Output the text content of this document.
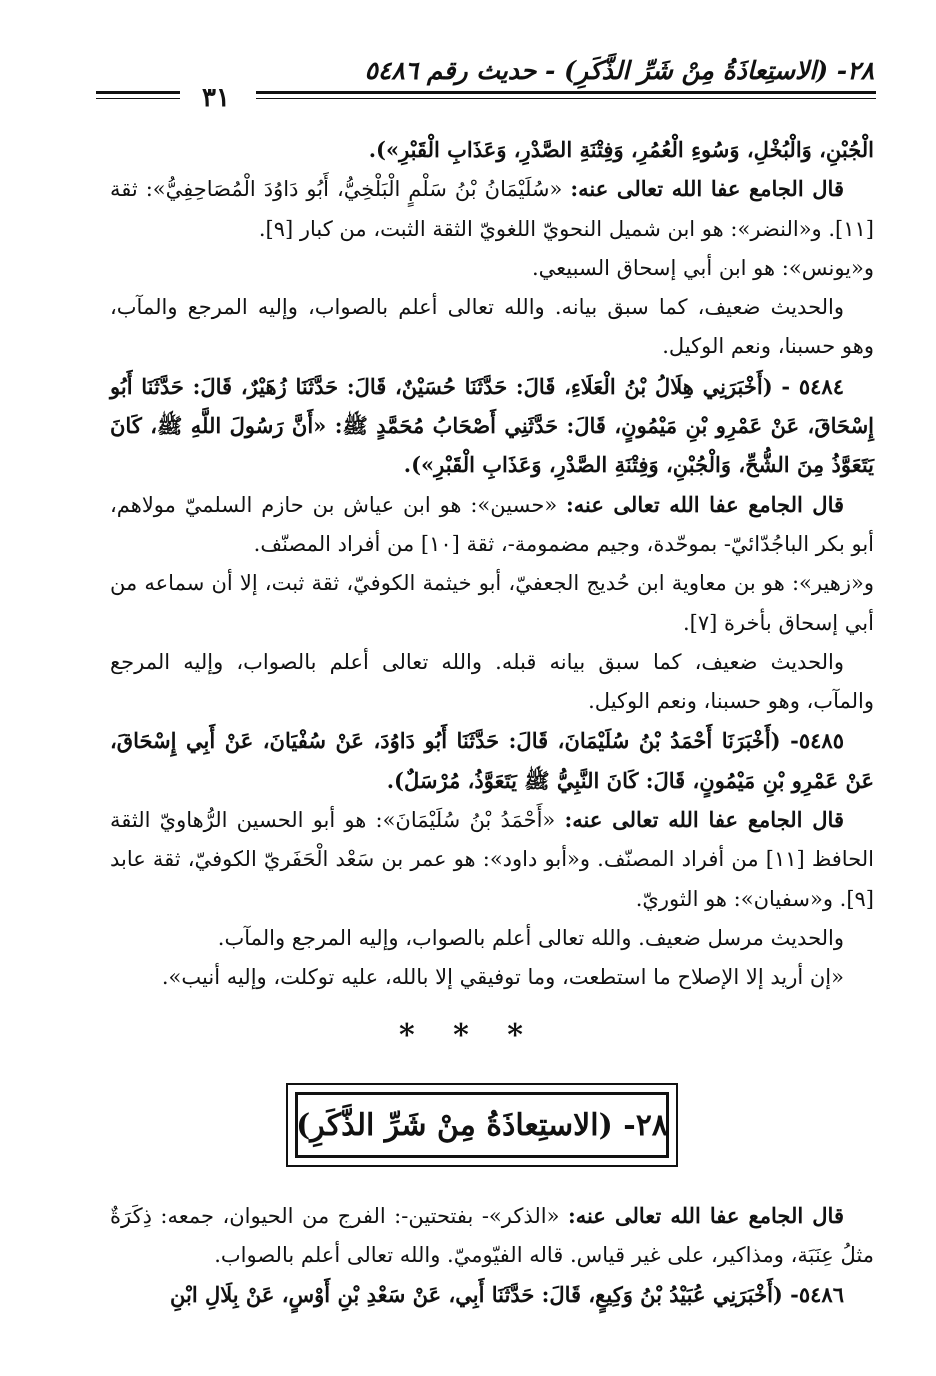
٢٨- (الاستِعاذَةُ مِنْ شَرِّ الذَّكَرِ) - حديث رقم ٥٤٨٦
٣١

الْجُبْنِ، وَالْبُخْلِ، وَسُوءِ الْعُمُرِ، وَفِتْنَةِ الصَّدْرِ، وَعَذَابِ الْقَبْرِ»).

قال الجامع عفا الله تعالى عنه: «سُلَيْمَانُ بْنُ سَلْمٍ الْبَلْخِيُّ، أَبُو دَاوُدَ الْمُصَاحِفِيُّ»: ثقة [١١]. و«النضر»: هو ابن شميل النحويّ اللغويّ الثقة الثبت، من كبار [٩].

و«يونس»: هو ابن أبي إسحاق السبيعي.

والحديث ضعيف، كما سبق بيانه. والله تعالى أعلم بالصواب، وإليه المرجع والمآب، وهو حسبنا، ونعم الوكيل.

٥٤٨٤ - (أَخْبَرَنِي هِلَالُ بْنُ الْعَلَاءِ، قَالَ: حَدَّثَنَا حُسَيْنٌ، قَالَ: حَدَّثَنَا زُهَيْرٌ، قَالَ: حَدَّثَنَا أَبُو إِسْحَاقَ، عَنْ عَمْرِو بْنِ مَيْمُونٍ، قَالَ: حَدَّثَنِي أَصْحَابُ مُحَمَّدٍ ﷺ: «أَنَّ رَسُولَ اللَّهِ ﷺ، كَانَ يَتَعَوَّذُ مِنَ الشُّحِّ، وَالْجُبْنِ، وَفِتْنَةِ الصَّدْرِ، وَعَذَابِ الْقَبْرِ»).

قال الجامع عفا الله تعالى عنه: «حسين»: هو ابن عياش بن حازم السلميّ مولاهم، أبو بكر الباجُدّائيّ- بموحّدة، وجيم مضمومة-، ثقة [١٠] من أفراد المصنّف.

و«زهير»: هو بن معاوية ابن حُديج الجعفيّ، أبو خيثمة الكوفيّ، ثقة ثبت، إلا أن سماعه من أبي إسحاق بأخرة [٧].

والحديث ضعيف، كما سبق بيانه قبله. والله تعالى أعلم بالصواب، وإليه المرجع والمآب، وهو حسبنا، ونعم الوكيل.

٥٤٨٥- (أَخْبَرَنَا أَحْمَدُ بْنُ سُلَيْمَانَ، قَالَ: حَدَّثَنَا أَبُو دَاوُدَ، عَنْ سُفْيَانَ، عَنْ أَبِي إِسْحَاقَ، عَنْ عَمْرِو بْنِ مَيْمُونٍ، قَالَ: كَانَ النَّبِيُّ ﷺ يَتَعَوَّذُ، مُرْسَلٌ).

قال الجامع عفا الله تعالى عنه: «أَحْمَدُ بْنُ سُلَيْمَانَ»: هو أبو الحسين الرُّهاويّ الثقة الحافظ [١١] من أفراد المصنّف. و«أبو داود»: هو عمر بن سَعْد الْحَفَريّ الكوفيّ، ثقة عابد [٩]. و«سفيان»: هو الثوريّ.

والحديث مرسل ضعيف. والله تعالى أعلم بالصواب، وإليه المرجع والمآب.

«إن أريد إلا الإصلاح ما استطعت، وما توفيقي إلا بالله، عليه توكلت، وإليه أنيب».

* * *
٢٨- (الاستِعاذَةُ مِنْ شَرِّ الذَّكَرِ)

قال الجامع عفا الله تعالى عنه: «الذكر»- بفتحتين-: الفرج من الحيوان، جمعه: ذِكَرَةٌ مثلُ عِنَبَة، ومذاكير، على غير قياس. قاله الفيّوميّ. والله تعالى أعلم بالصواب.

٥٤٨٦- (أَخْبَرَنِي عُبَيْدُ بْنُ وَكِيعٍ، قَالَ: حَدَّثَنَا أَبِي، عَنْ سَعْدِ بْنِ أَوْسٍ، عَنْ بِلَالِ ابْنِ
